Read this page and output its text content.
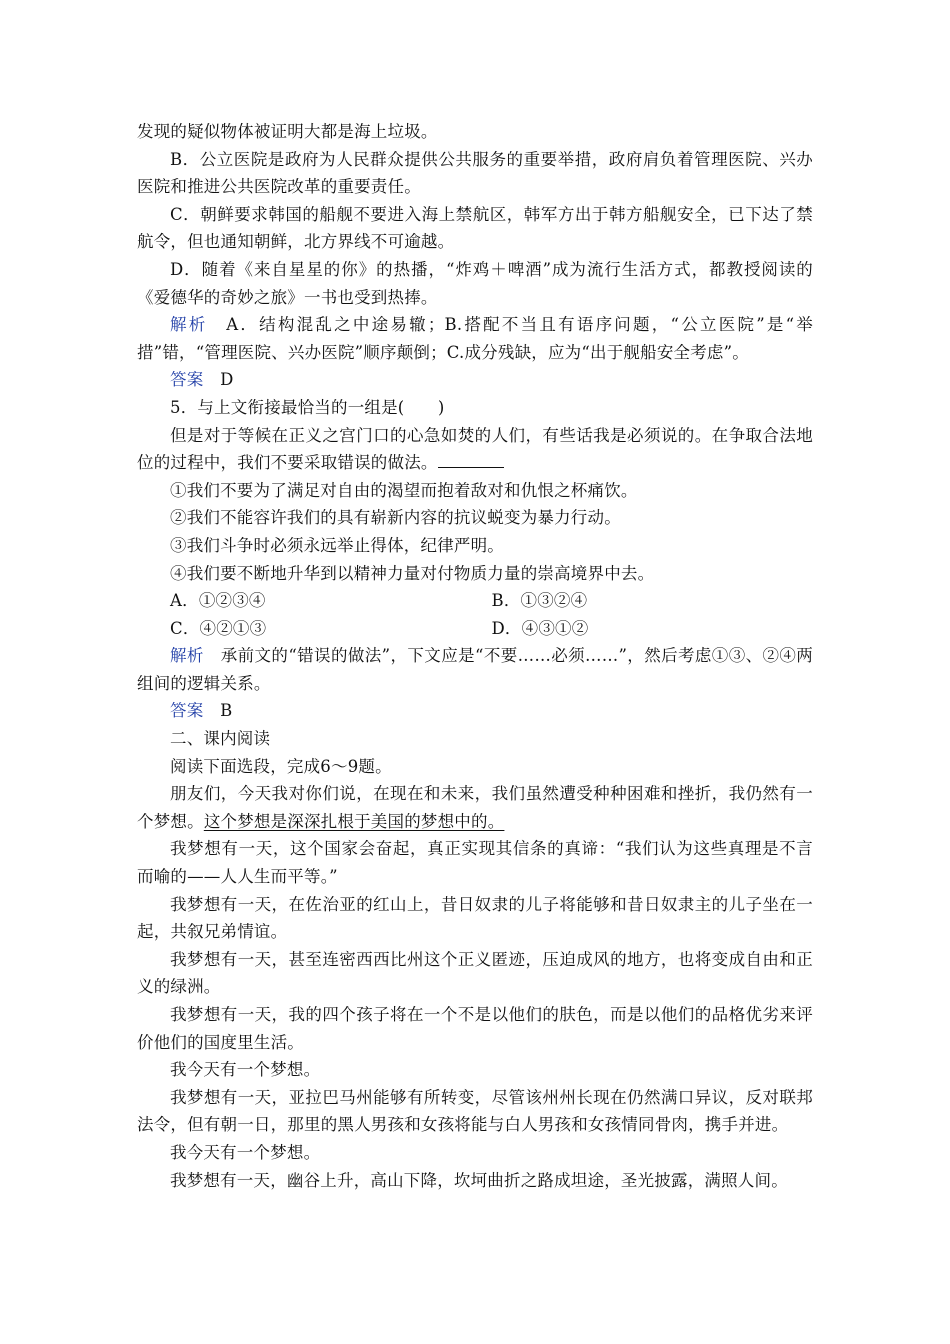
发现的疑似物体被证明大都是海上垃圾。

B．公立医院是政府为人民群众提供公共服务的重要举措，政府肩负着管理医院、兴办医院和推进公共医院改革的重要责任。

C．朝鲜要求韩国的船舰不要进入海上禁航区，韩军方出于韩方船舰安全，已下达了禁航令，但也通知朝鲜，北方界线不可逾越。

D．随着《来自星星的你》的热播，“炸鸡＋啤酒”成为流行生活方式，都教授阅读的《爱德华的奇妙之旅》一书也受到热捧。

解析　A．结构混乱之中途易辙；B.搭配不当且有语序问题，“公立医院”是“举措”错，“管理医院、兴办医院”顺序颠倒；C.成分残缺，应为“出于舰船安全考虑”。

答案　D

5．与上文衔接最恰当的一组是(　　)

但是对于等候在正义之宫门口的心急如焚的人们，有些话我是必须说的。在争取合法地位的过程中，我们不要采取错误的做法。

①我们不要为了满足对自由的渴望而抱着敌对和仇恨之杯痛饮。

②我们不能容许我们的具有崭新内容的抗议蜕变为暴力行动。

③我们斗争时必须永远举止得体，纪律严明。

④我们要不断地升华到以精神力量对付物质力量的崇高境界中去。

A．①②③④	B．①③②④
C．④②①③	D．④③①②

解析　承前文的“错误的做法”，下文应是“不要……必须……”，然后考虑①③、②④两组间的逻辑关系。

答案　B

二、课内阅读

阅读下面选段，完成6～9题。

朋友们，今天我对你们说，在现在和未来，我们虽然遭受种种困难和挫折，我仍然有一个梦想。这个梦想是深深扎根于美国的梦想中的。

我梦想有一天，这个国家会奋起，真正实现其信条的真谛：“我们认为这些真理是不言而喻的——人人生而平等。”

我梦想有一天，在佐治亚的红山上，昔日奴隶的儿子将能够和昔日奴隶主的儿子坐在一起，共叙兄弟情谊。

我梦想有一天，甚至连密西西比州这个正义匿迹，压迫成风的地方，也将变成自由和正义的绿洲。

我梦想有一天，我的四个孩子将在一个不是以他们的肤色，而是以他们的品格优劣来评价他们的国度里生活。

我今天有一个梦想。

我梦想有一天，亚拉巴马州能够有所转变，尽管该州州长现在仍然满口异议，反对联邦法令，但有朝一日，那里的黑人男孩和女孩将能与白人男孩和女孩情同骨肉，携手并进。

我今天有一个梦想。

我梦想有一天，幽谷上升，高山下降，坎坷曲折之路成坦途，圣光披露，满照人间。
